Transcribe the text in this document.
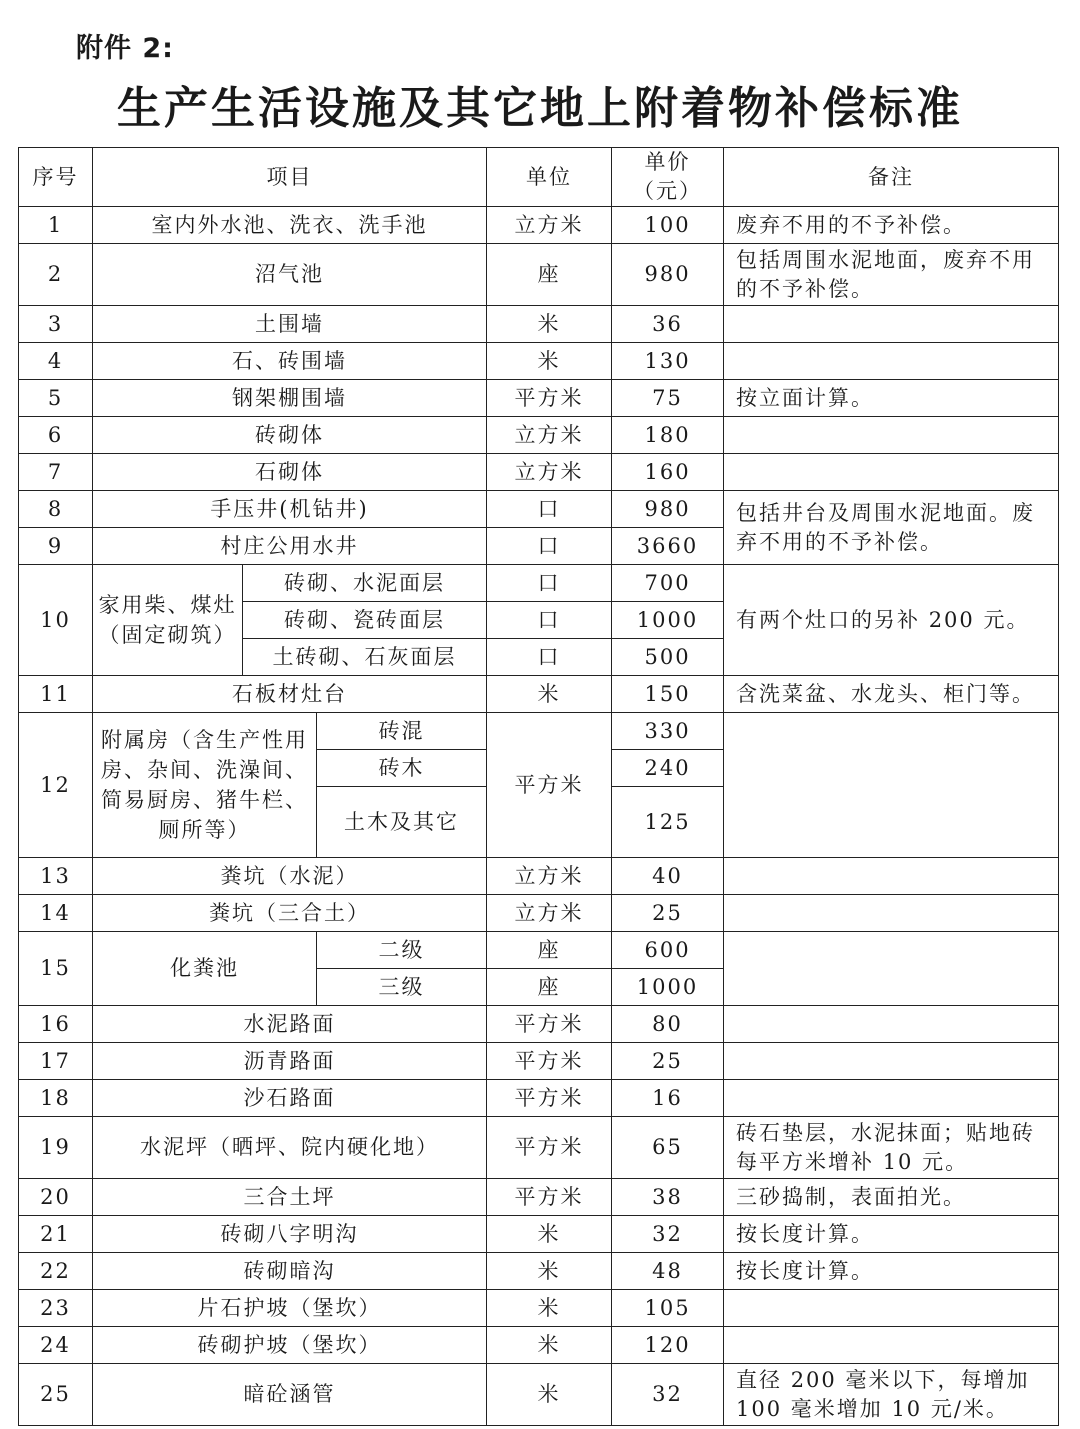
附件 2:
生产生活设施及其它地上附着物补偿标准
序号	项目			单位	单价（元）	备注
1	室内外水池、洗衣、洗手池			立方米	100	废弃不用的不予补偿。
2	沼气池			座	980	包括周围水泥地面，废弃不用的不予补偿。
3	土围墙			米	36	
4	石、砖围墙			米	130	
5	钢架棚围墙			平方米	75	按立面计算。
6	砖砌体			立方米	180	
7	石砌体			立方米	160	
8	手压井(机钻井)			口	980	包括井台及周围水泥地面。废弃不用的不予补偿。
9	村庄公用水井			口	3660	
10	家用柴、煤灶（固定砌筑）	砖砌、水泥面层		口	700	有两个灶口的另补 200 元。
		砖砌、瓷砖面层		口	1000	
		土砖砌、石灰面层		口	500	
11	石板材灶台			米	150	含洗菜盆、水龙头、柜门等。
12	附属房（含生产性用房、杂间、洗澡间、简易厨房、猪牛栏、厕所等）		砖混	平方米	330	
			砖木		240	
			土木及其它		125	
13	粪坑（水泥）			立方米	40	
14	粪坑（三合土）			立方米	25	
15	化粪池		二级	座	600	
			三级	座	1000	
16	水泥路面			平方米	80	
17	沥青路面			平方米	25	
18	沙石路面			平方米	16	
19	水泥坪（晒坪、院内硬化地）			平方米	65	砖石垫层，水泥抹面；贴地砖每平方米增补 10 元。
20	三合土坪			平方米	38	三砂捣制，表面拍光。
21	砖砌八字明沟			米	32	按长度计算。
22	砖砌暗沟			米	48	按长度计算。
23	片石护坡（堡坎）			米	105	
24	砖砌护坡（堡坎）			米	120	
25	暗砼涵管			米	32	直径 200 毫米以下，每增加 100 毫米增加 10 元/米。
